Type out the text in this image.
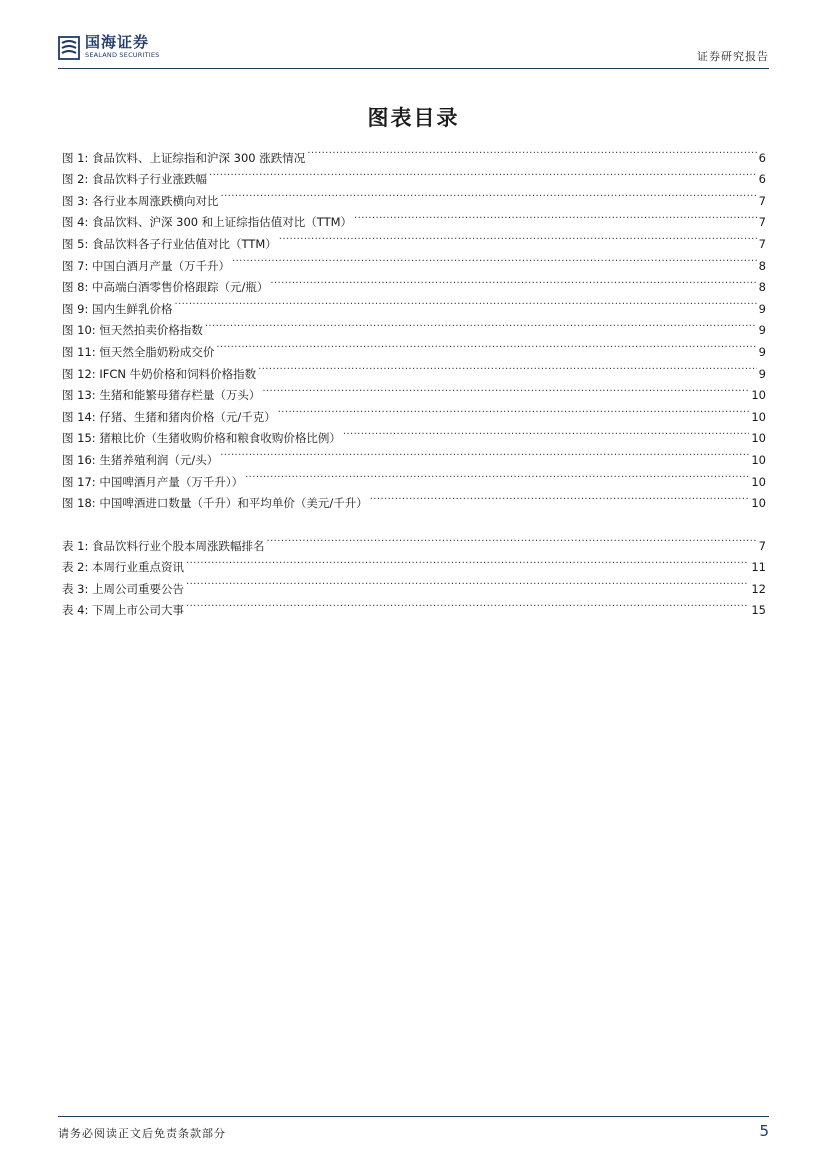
国海证券
SEALAND SECURITIES	证券研究报告
图表目录
图 1: 食品饮料、上证综指和沪深 300 涨跌情况 .....	6
图 2: 食品饮料子行业涨跌幅 .....	6
图 3: 各行业本周涨跌横向对比 .....	7
图 4: 食品饮料、沪深 300 和上证综指估值对比（TTM） .....	7
图 5: 食品饮料各子行业估值对比（TTM） .....	7
图 7: 中国白酒月产量（万千升） .....	8
图 8: 中高端白酒零售价格跟踪（元/瓶） .....	8
图 9: 国内生鲜乳价格 .....	9
图 10: 恒天然拍卖价格指数 .....	9
图 11: 恒天然全脂奶粉成交价 .....	9
图 12: IFCN 牛奶价格和饲料价格指数 .....	9
图 13: 生猪和能繁母猪存栏量（万头） .....	10
图 14: 仔猪、生猪和猪肉价格（元/千克） .....	10
图 15: 猪粮比价（生猪收购价格和粮食收购价格比例） .....	10
图 16: 生猪养殖利润（元/头） .....	10
图 17: 中国啤酒月产量（万千升）） .....	10
图 18: 中国啤酒进口数量（千升）和平均单价（美元/千升） .....	10
表 1: 食品饮料行业个股本周涨跌幅排名 .....	7
表 2: 本周行业重点资讯 .....	11
表 3: 上周公司重要公告 .....	12
表 4: 下周上市公司大事 .....	15
请务必阅读正文后免责条款部分	5
